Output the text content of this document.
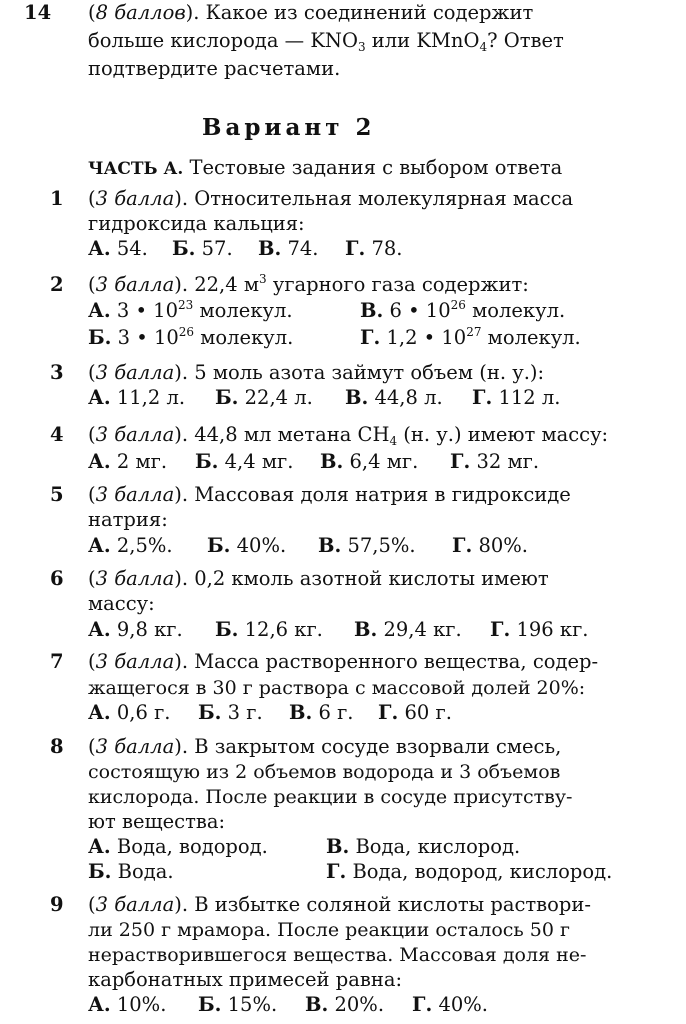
14 (8 баллов). Какое из соединений содержит
больше кислорода — $KNO_3$ или KMnO$_4$? Ответ
подтвердите расчетами.
Вариант 2
ЧАСТЬ А. Тестовые задания с выбором ответа
1 (3 балла). Относительная молекулярная масса
гидроксида кальция:
А. 54. Б. 57. В. 74. Г. 78.
2 (3 балла). 22,4 $м^3$ угарного газа содержит:
А. 3 • $10^{23}$ молекул.	В. 6 • $10^{26}$ молекул.
Б. 3 • $10^{26}$ молекул.	Г. 1,2 • $10^{27}$ молекул.
3 (3 балла). 5 моль азота займут объем (н. у.):
А. 11,2 л. Б. 22,4 л. В. 44,8 л. Г. 112 л.
4 (3 балла). 44,8 мл метана $CH_4$ (н. у.) имеют массу:
А. 2 мг. Б. 4,4 мг. В. 6,4 мг. Г. 32 мг.
5 (3 балла). Массовая доля натрия в гидроксиде
натрия:
А. 2,5%. Б. 40%. В. 57,5%. Г. 80%.
6 (3 балла). 0,2 кмоль азотной кислоты имеют
массу:
А. 9,8 кг. Б. 12,6 кг. В. 29,4 кг. Г. 196 кг.
7 (3 балла). Масса растворенного вещества, содер-
жащегося в 30 г раствора с массовой долей 20%:
А. 0,6 г. Б. 3 г. В. 6 г. Г. 60 г.
8 (3 балла). В закрытом сосуде взорвали смесь,
состоящую из 2 объемов водорода и 3 объемов
кислорода. После реакции в сосуде присутству-
ют вещества:
А. Вода, водород.	В. Вода, кислород.
Б. Вода.	Г. Вода, водород, кислород.
9 (3 балла). В избытке соляной кислоты раствори-
ли 250 г мрамора. После реакции осталось 50 г
нерастворившегося вещества. Массовая доля не-
карбонатных примесей равна:
А. 10%. Б. 15%. В. 20%. Г. 40%.
